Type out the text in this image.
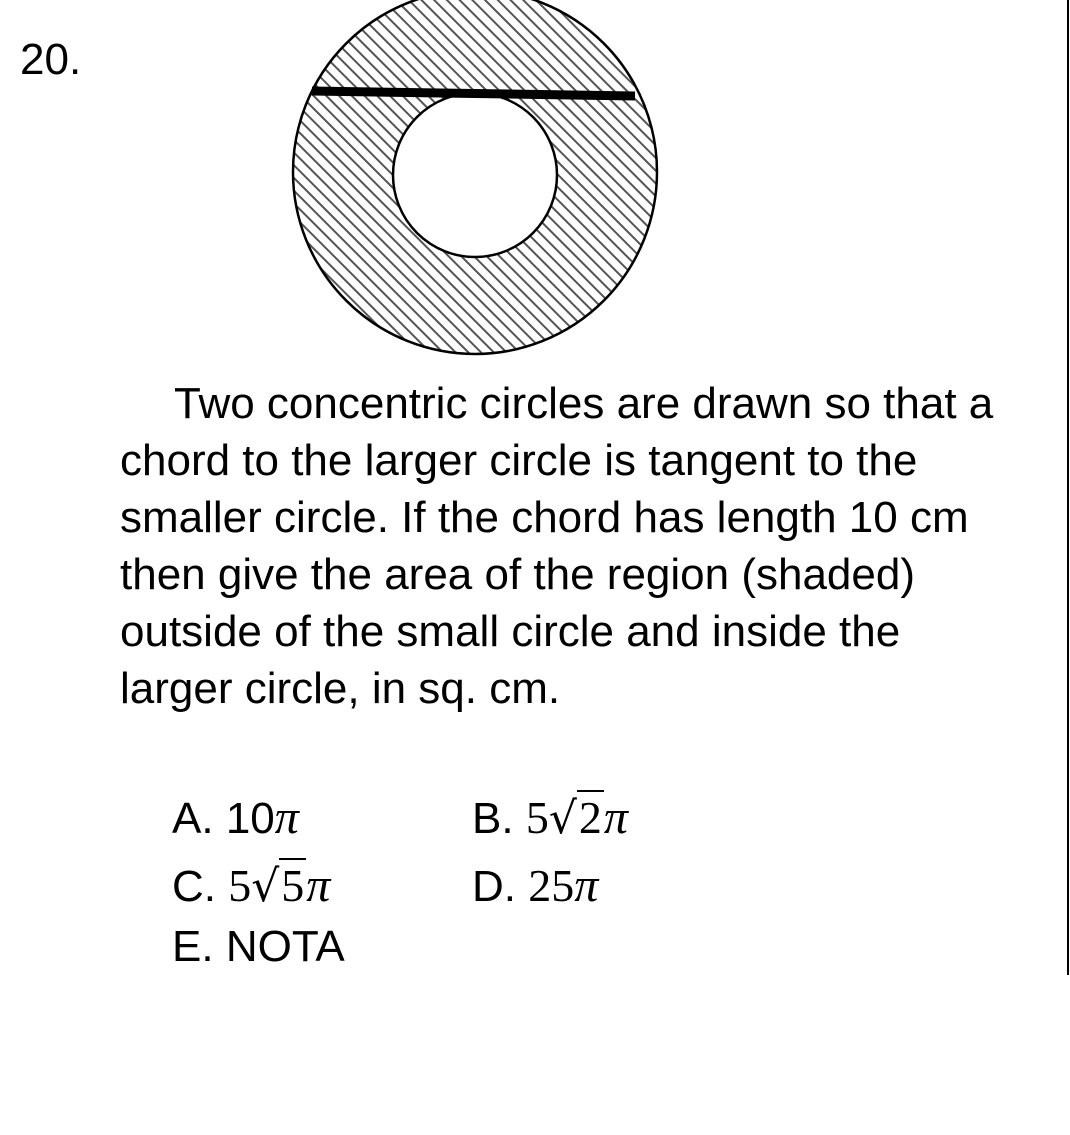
20.

Two concentric circles are drawn so that a chord to the larger circle is tangent to the smaller circle. If the chord has length 10 cm then give the area of the region (shaded) outside of the small circle and inside the larger circle, in sq. cm.

A. 10π	B. 5√2π
C. 5√5π	D. 25π
E. NOTA
